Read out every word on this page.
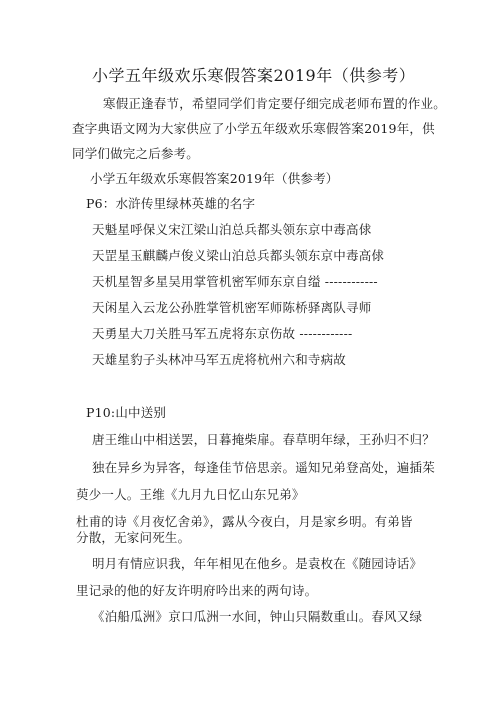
小学五年级欢乐寒假答案2019年（供参考）
寒假正逢春节，希望同学们肯定要仔细完成老师布置的作业。
查字典语文网为大家供应了小学五年级欢乐寒假答案2019年，供
同学们做完之后参考。
小学五年级欢乐寒假答案2019年（供参考）
P6：水浒传里绿林英雄的名字
天魁星呼保义宋江梁山泊总兵都头领东京中毒高俅
天罡星玉麒麟卢俊义梁山泊总兵都头领东京中毒高俅
天机星智多星吴用掌管机密军师东京自缢 ------------
天闲星入云龙公孙胜掌管机密军师陈桥驿离队寻师
天勇星大刀关胜马军五虎将东京伤故 ------------
天雄星豹子头林冲马军五虎将杭州六和寺病故
P10:山中送别
唐王维山中相送罢，日暮掩柴扉。春草明年绿，王孙归不归？
独在异乡为异客，每逢佳节倍思亲。遥知兄弟登高处，遍插茱
萸少一人。王维《九月九日忆山东兄弟》
杜甫的诗《月夜忆舍弟》，露从今夜白，月是家乡明。有弟皆
分散，无家问死生。
明月有情应识我，年年相见在他乡。是袁枚在《随园诗话》
里记录的他的好友许明府吟出来的两句诗。
《泊船瓜洲》京口瓜洲一水间，钟山只隔数重山。春风又绿
